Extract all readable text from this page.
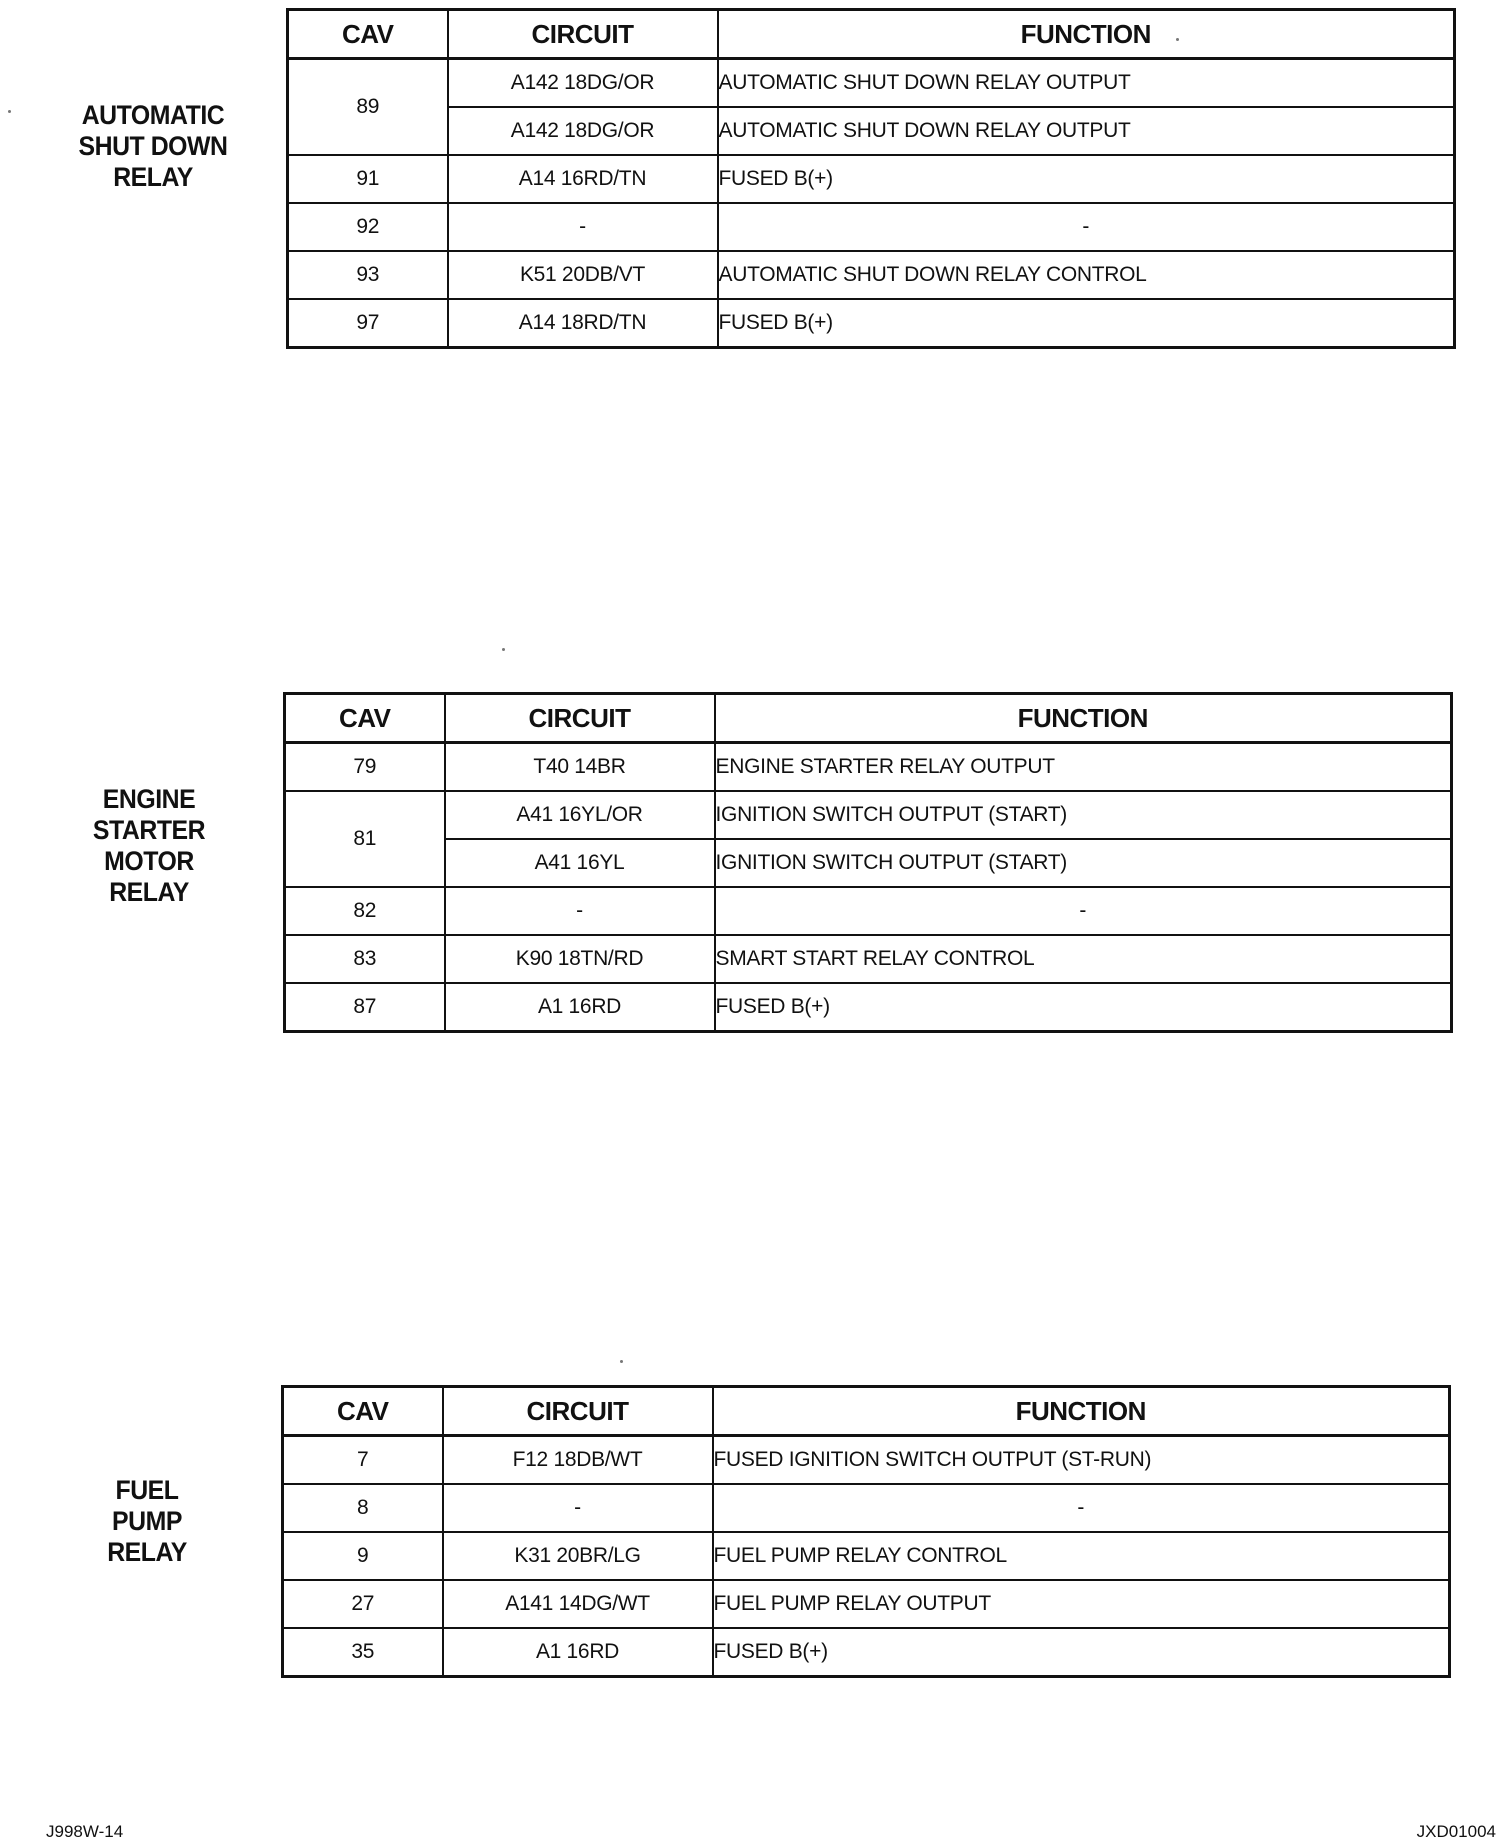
AUTOMATIC
SHUT DOWN
RELAY
CAV	CIRCUIT	FUNCTION
89	A142 18DG/OR	AUTOMATIC SHUT DOWN RELAY OUTPUT
	A142 18DG/OR	AUTOMATIC SHUT DOWN RELAY OUTPUT
91	A14 16RD/TN	FUSED B(+)
92	-	-
93	K51 20DB/VT	AUTOMATIC SHUT DOWN RELAY CONTROL
97	A14 18RD/TN	FUSED B(+)
ENGINE
STARTER
MOTOR
RELAY
CAV	CIRCUIT	FUNCTION
79	T40 14BR	ENGINE STARTER RELAY OUTPUT
81	A41 16YL/OR	IGNITION SWITCH OUTPUT (START)
	A41 16YL	IGNITION SWITCH OUTPUT (START)
82	-	-
83	K90 18TN/RD	SMART START RELAY CONTROL
87	A1 16RD	FUSED B(+)
FUEL
PUMP
RELAY
CAV	CIRCUIT	FUNCTION
7	F12 18DB/WT	FUSED IGNITION SWITCH OUTPUT (ST-RUN)
8	-	-
9	K31 20BR/LG	FUEL PUMP RELAY CONTROL
27	A141 14DG/WT	FUEL PUMP RELAY OUTPUT
35	A1 16RD	FUSED B(+)
J998W-14	JXD01004
